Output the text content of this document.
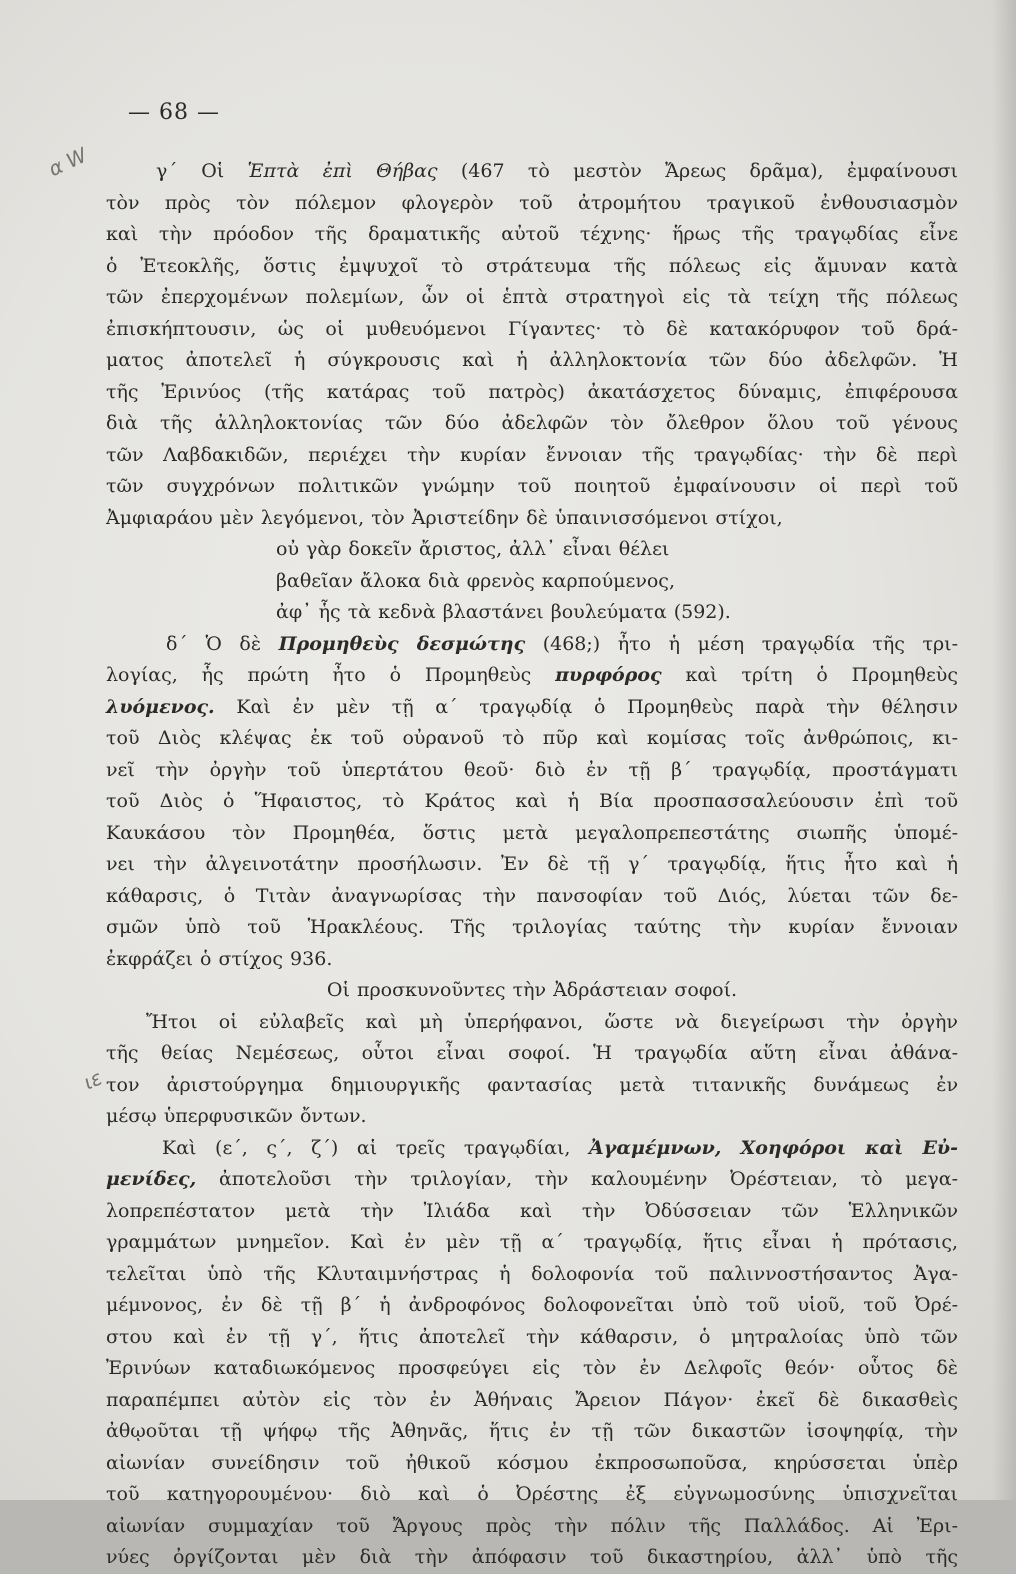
— 68 —
α W
ιε
γ΄ Οἱ Ἑπτὰ ἐπὶ Θήβας (467 τὸ μεστὸν Ἄρεως δρᾶμα), ἐμφαίνουσι
τὸν πρὸς τὸν πόλεμον φλογερὸν τοῦ ἀτρομήτου τραγικοῦ ἐνθουσιασμὸν
καὶ τὴν πρόοδον τῆς δραματικῆς αὐτοῦ τέχνης· ἥρως τῆς τραγῳδίας εἶνε
ὁ Ἐτεοκλῆς, ὅστις ἐμψυχοῖ τὸ στράτευμα τῆς πόλεως εἰς ἄμυναν κατὰ
τῶν ἐπερχομένων πολεμίων, ὧν οἱ ἑπτὰ στρατηγοὶ εἰς τὰ τείχη τῆς πόλεως
ἐπισκήπτουσιν, ὡς οἱ μυθευόμενοι Γίγαντες· τὸ δὲ κατακόρυφον τοῦ δρά-
ματος ἀποτελεῖ ἡ σύγκρουσις καὶ ἡ ἀλληλοκτονία τῶν δύο ἀδελφῶν. Ἡ
τῆς Ἐρινύος (τῆς κατάρας τοῦ πατρὸς) ἀκατάσχετος δύναμις, ἐπιφέρουσα
διὰ τῆς ἀλληλοκτονίας τῶν δύο ἀδελφῶν τὸν ὄλεθρον ὅλου τοῦ γένους
τῶν Λαβδακιδῶν, περιέχει τὴν κυρίαν ἔννοιαν τῆς τραγῳδίας· τὴν δὲ περὶ
τῶν συγχρόνων πολιτικῶν γνώμην τοῦ ποιητοῦ ἐμφαίνουσιν οἱ περὶ τοῦ
Ἀμφιαράου μὲν λεγόμενοι, τὸν Ἀριστείδην δὲ ὑπαινισσόμενοι στίχοι,
οὐ γὰρ δοκεῖν ἄριστος, ἀλλ᾽ εἶναι θέλει
βαθεῖαν ἄλοκα διὰ φρενὸς καρπούμενος,
ἀφ᾽ ἧς τὰ κεδνὰ βλαστάνει βουλεύματα (592).
δ΄ Ὁ δὲ Προμηθεὺς δεσμώτης (468;) ἦτο ἡ μέση τραγῳδία τῆς τρι-
λογίας, ἧς πρώτη ἦτο ὁ Προμηθεὺς πυρφόρος καὶ τρίτη ὁ Προμηθεὺς
λυόμενος. Καὶ ἐν μὲν τῇ α΄ τραγῳδίᾳ ὁ Προμηθεὺς παρὰ τὴν θέλησιν
τοῦ Διὸς κλέψας ἐκ τοῦ οὐρανοῦ τὸ πῦρ καὶ κομίσας τοῖς ἀνθρώποις, κι-
νεῖ τὴν ὀργὴν τοῦ ὑπερτάτου θεοῦ· διὸ ἐν τῇ β΄ τραγῳδίᾳ, προστάγματι
τοῦ Διὸς ὁ Ἥφαιστος, τὸ Κράτος καὶ ἡ Βία προσπασσαλεύουσιν ἐπὶ τοῦ
Καυκάσου τὸν Προμηθέα, ὅστις μετὰ μεγαλοπρεπεστάτης σιωπῆς ὑπομέ-
νει τὴν ἀλγεινοτάτην προσήλωσιν. Ἐν δὲ τῇ γ΄ τραγῳδίᾳ, ἥτις ἦτο καὶ ἡ
κάθαρσις, ὁ Τιτὰν ἀναγνωρίσας τὴν πανσοφίαν τοῦ Διός, λύεται τῶν δε-
σμῶν ὑπὸ τοῦ Ἡρακλέους. Τῆς τριλογίας ταύτης τὴν κυρίαν ἔννοιαν
ἐκφράζει ὁ στίχος 936.
Οἱ προσκυνοῦντες τὴν Ἀδράστειαν σοφοί.
Ἤτοι οἱ εὐλαβεῖς καὶ μὴ ὑπερήφανοι, ὥστε νὰ διεγείρωσι τὴν ὀργὴν
τῆς θείας Νεμέσεως, οὗτοι εἶναι σοφοί. Ἡ τραγῳδία αὕτη εἶναι ἀθάνα-
τον ἀριστούργημα δημιουργικῆς φαντασίας μετὰ τιτανικῆς δυνάμεως ἐν
μέσῳ ὑπερφυσικῶν ὄντων.
Καὶ (ε΄, ς΄, ζ΄) αἱ τρεῖς τραγῳδίαι, Ἀγαμέμνων, Χοηφόροι καὶ Εὐ-
μενίδες, ἀποτελοῦσι τὴν τριλογίαν, τὴν καλουμένην Ὀρέστειαν, τὸ μεγα-
λοπρεπέστατον μετὰ τὴν Ἰλιάδα καὶ τὴν Ὀδύσσειαν τῶν Ἑλληνικῶν
γραμμάτων μνημεῖον. Καὶ ἐν μὲν τῇ α΄ τραγῳδίᾳ, ἥτις εἶναι ἡ πρότασις,
τελεῖται ὑπὸ τῆς Κλυταιμνήστρας ἡ δολοφονία τοῦ παλιννοστήσαντος Ἀγα-
μέμνονος, ἐν δὲ τῇ β΄ ἡ ἀνδροφόνος δολοφονεῖται ὑπὸ τοῦ υἱοῦ, τοῦ Ὀρέ-
στου καὶ ἐν τῇ γ΄, ἥτις ἀποτελεῖ τὴν κάθαρσιν, ὁ μητραλοίας ὑπὸ τῶν
Ἐρινύων καταδιωκόμενος προσφεύγει εἰς τὸν ἐν Δελφοῖς θεόν· οὗτος δὲ
παραπέμπει αὐτὸν εἰς τὸν ἐν Ἀθήναις Ἄρειον Πάγον· ἐκεῖ δὲ δικασθεὶς
ἀθῳοῦται τῇ ψήφῳ τῆς Ἀθηνᾶς, ἥτις ἐν τῇ τῶν δικαστῶν ἰσοψηφίᾳ, τὴν
αἰωνίαν συνείδησιν τοῦ ἠθικοῦ κόσμου ἐκπροσωποῦσα, κηρύσσεται ὑπὲρ
τοῦ κατηγορουμένου· διὸ καὶ ὁ Ὀρέστης ἐξ εὐγνωμοσύνης ὑπισχνεῖται
αἰωνίαν συμμαχίαν τοῦ Ἄργους πρὸς τὴν πόλιν τῆς Παλλάδος. Αἱ Ἐρι-
νύες ὀργίζονται μὲν διὰ τὴν ἀπόφασιν τοῦ δικαστηρίου, ἀλλ᾽ ὑπὸ τῆς
